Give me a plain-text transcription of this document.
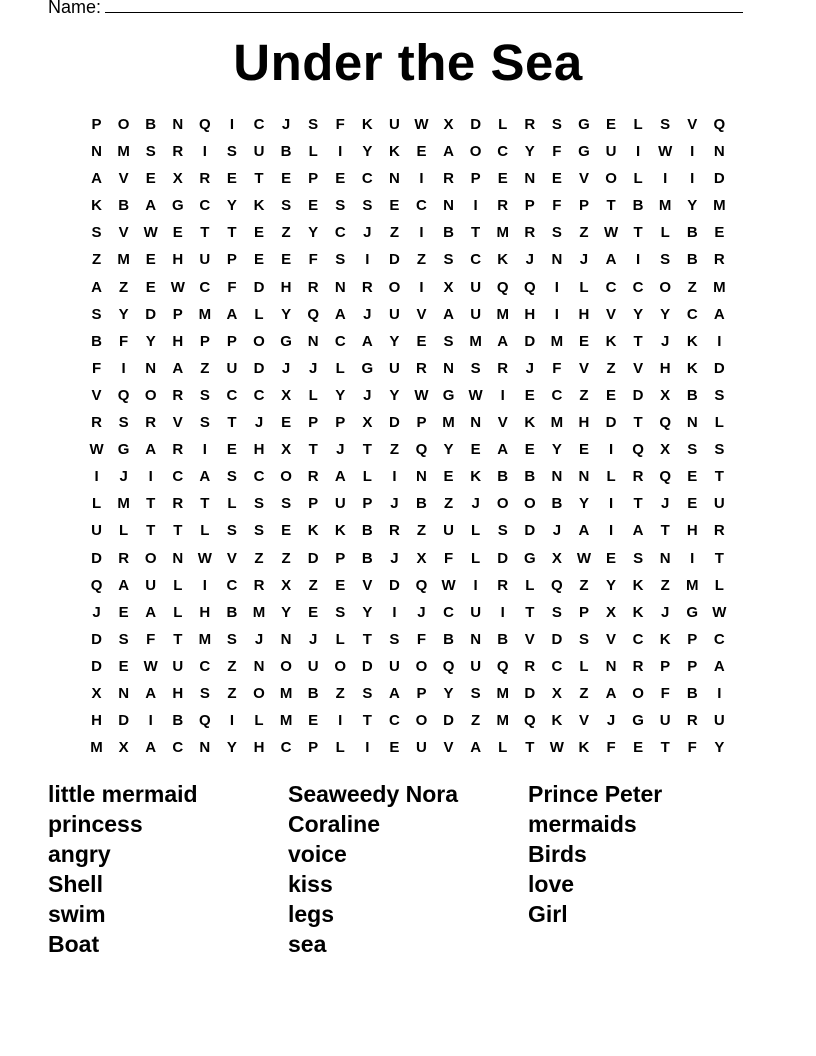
Name:
Under the Sea
P	O	B	N	Q	I	C	J	S	F	K	U W X	D	L	R	S	G	E	L	S	V	Q
N	M	S	R	I	S	U	B	L	I	Y	K	E	A	O	C	Y	F	G	U	I	W	I	N
A	V	E	X	R	E	T	E	P	E	C	N	I	R	P	E	N	E	V	O	L	I	I	D
K	B	A	G	C	Y	K	S	E	S	S	E	C	N	I	R	P	F	P	T	B	M	Y	M
S	V W E	T	T	E	Z	Y	C	J	Z	I	B	T	M	R	S	Z	W	T	L	B	E
Z	M	E	H	U	P	E	E	F	S	I	D	Z	S	C	K	J	N	J	A	I	S	B	R
A	Z	E W C	F	D	H	R	N	R	O	I	X	U	Q	Q	I	L	C	C	O	Z	M
S	Y	D	P	M	A	L	Y	Q	A	J	U	V	A	U	M	H	I	H	V	Y	Y	C	A
B	F	Y	H	P	P	O	G	N	C	A	Y	E	S	M	A	D	M	E	K	T	J	K	I
F	I	N	A	Z	U	D	J	J	L	G	U	R	N	S	R	J	F	V	Z	V	H	K	D
V	Q	O	R	S	C	C	X	L	Y	J	Y W G W	I	E	C	Z	E	D	X	B	S
R	S	R	V	S	T	J	E	P	P	X	D	P	M	N	V	K	M	H	D	T	Q	N	L
W G	A	R	I	E	H	X	T	J	T	Z	Q	Y	E	A	E	Y	E	I	Q	X	S	S
I	J	I	C	A	S	C	O	R	A	L	I	N	E	K	B	B	N	N	L	R	Q	E	T
L	M	T	R	T	L	S	S	P	U	P	J	B	Z	J	O	O	B	Y	I	T	J	E	U
U	L	T	T	L	S	S	E	K	K	B	R	Z	U	L	S	D	J	A	I	A	T	H	R
D	R	O	N W V	Z	Z	D	P	B	J	X	F	L	D	G	X W E	S	N	I	T
Q	A	U	L	I	C	R	X	Z	E	V	D	Q W	I	R	L	Q	Z	Y	K	Z	M	L
J	E	A	L	H	B	M	Y	E	S	Y	I	J	C	U	I	T	S	P	X	K	J	G W
D	S	F	T	M	S	J	N	J	L	T	S	F	B	N	B	V	D	S	V	C	K	P	C
D	E W U	C	Z	N	O	U	O	D	U	O	Q	U	Q	R	C	L	N	R	P	P	A
X	N	A	H	S	Z	O M	B	Z	S	A	P	Y	S	M	D	X	Z	A	O	F	B	I
H	D	I	B	Q	I	L	M	E	I	T	C	O	D	Z	M	Q	K	V	J	G	U	R	U
M	X	A	C	N	Y	H	C	P	L	I	E	U	V	A	L	T	W K	F	E	T	F	Y
little mermaid
princess
angry
Shell
swim
Boat
Seaweedy Nora
Coraline
voice
kiss
legs
sea
Prince Peter
mermaids
Birds
love
Girl
